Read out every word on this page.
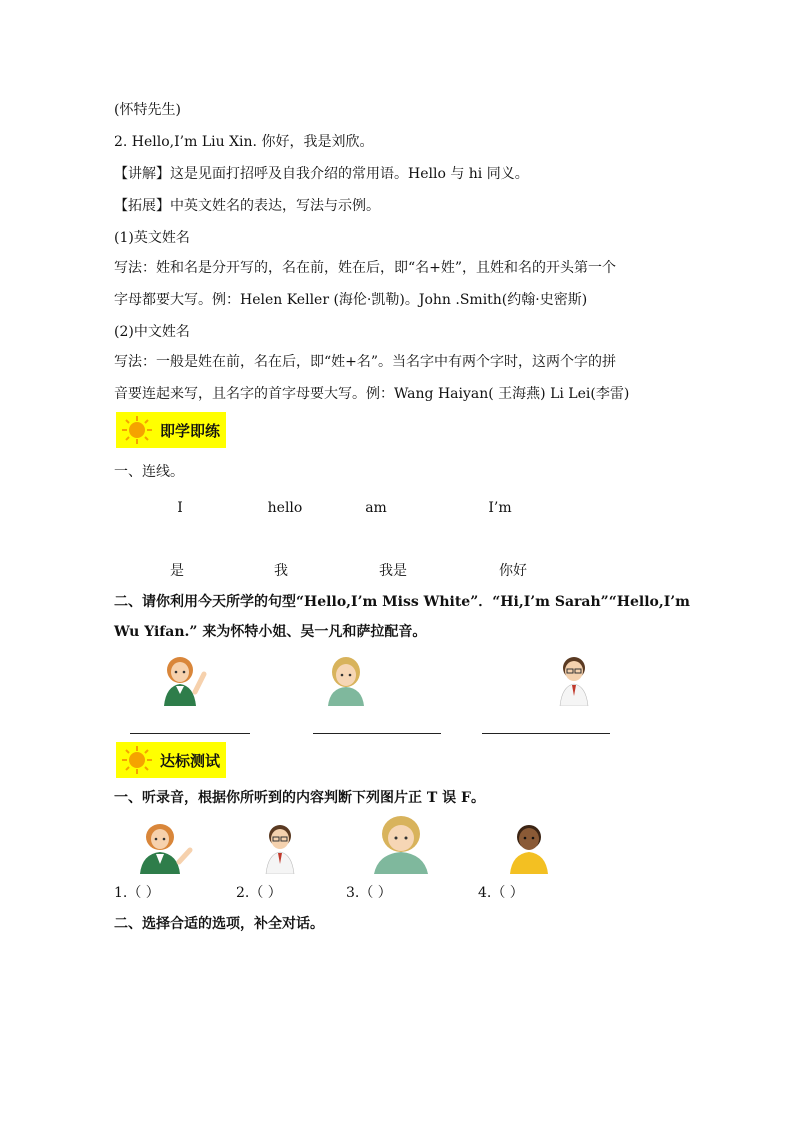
(怀特先生)
2. Hello,I’m Liu Xin. 你好，我是刘欣。
【讲解】这是见面打招呼及自我介绍的常用语。Hello 与 hi 同义。
【拓展】中英文姓名的表达，写法与示例。
(1)英文姓名
写法：姓和名是分开写的，名在前，姓在后，即“名+姓”，且姓和名的开头第一个
字母都要大写。例：Helen Keller (海伦·凯勒)。John .Smith(约翰·史密斯)
(2)中文姓名
写法：一般是姓在前，名在后，即“姓+名”。当名字中有两个字时，这两个字的拼
音要连起来写，且名字的首字母要大写。例：Wang Haiyan( 王海燕) Li Lei(李雷)
即学即练
一、连线。
I	hello	am	I’m
是	我	我是	你好
二、请你利用今天所学的句型“Hello,I’m Miss White”．“Hi,I’m Sarah”“Hello,I’m
Wu Yifan.” 来为怀特小姐、吴一凡和萨拉配音。
达标测试
一、听录音，根据你所听到的内容判断下列图片正 T 误 F。
1.（ ）	2.（ ）	3.（ ）	4.（ ）
二、选择合适的选项，补全对话。
